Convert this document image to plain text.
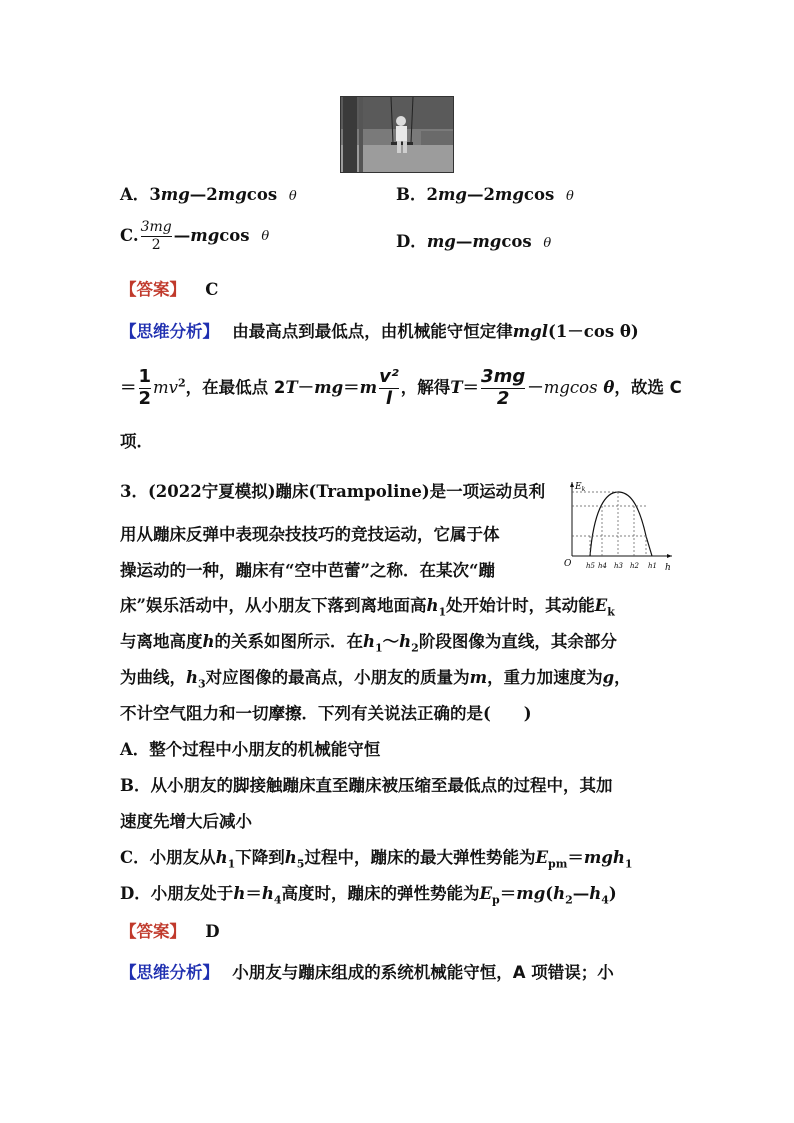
A．3mg—2mgcos θ	B．2mg—2mgcos θ
C. $\frac{3mg}{2}$ —mgcos θ	D．mg—mgcos θ
【答案】 C
【思维分析】 由最高点到最低点，由机械能守恒定律mgl(1－cos θ)
＝ $\frac{1}{2} mv^2$，在最低点 $2T-mg=m \frac{\text{v²}}{l}$ ，解得$T= \frac{3mg}{2} -mgcos$ θ，故选 C
项．
3．(2022宁夏模拟)蹦床(Trampoline)是一项运动员利
用从蹦床反弹中表现杂技技巧的竞技运动，它属于体
操运动的一种，蹦床有“空中芭蕾”之称．在某次“蹦
床”娱乐活动中，从小朋友下落到离地面高$h_1$处开始计时，其动能$E_k$
与离地高度h的关系如图所示．在$h_1\sim h_2$阶段图像为直线，其余部分
为曲线，$h_3$对应图像的最高点，小朋友的质量为m，重力加速度为g，
不计空气阻力和一切摩擦．下列有关说法正确的是(　　)
A．整个过程中小朋友的机械能守恒
B．从小朋友的脚接触蹦床直至蹦床被压缩至最低点的过程中，其加
速度先增大后减小
C．小朋友从$h_1$下降到$h_5$过程中，蹦床的最大弹性势能为$E_{pm}=mgh_1$
D．小朋友处于$h=h_4$高度时，蹦床的弹性势能为$E_p=mg(h_2—h_4)$
【答案】 D
【思维分析】 小朋友与蹦床组成的系统机械能守恒，A 项错误；小
$E_k$
O	h
h5 h4 h3 h2 h1
